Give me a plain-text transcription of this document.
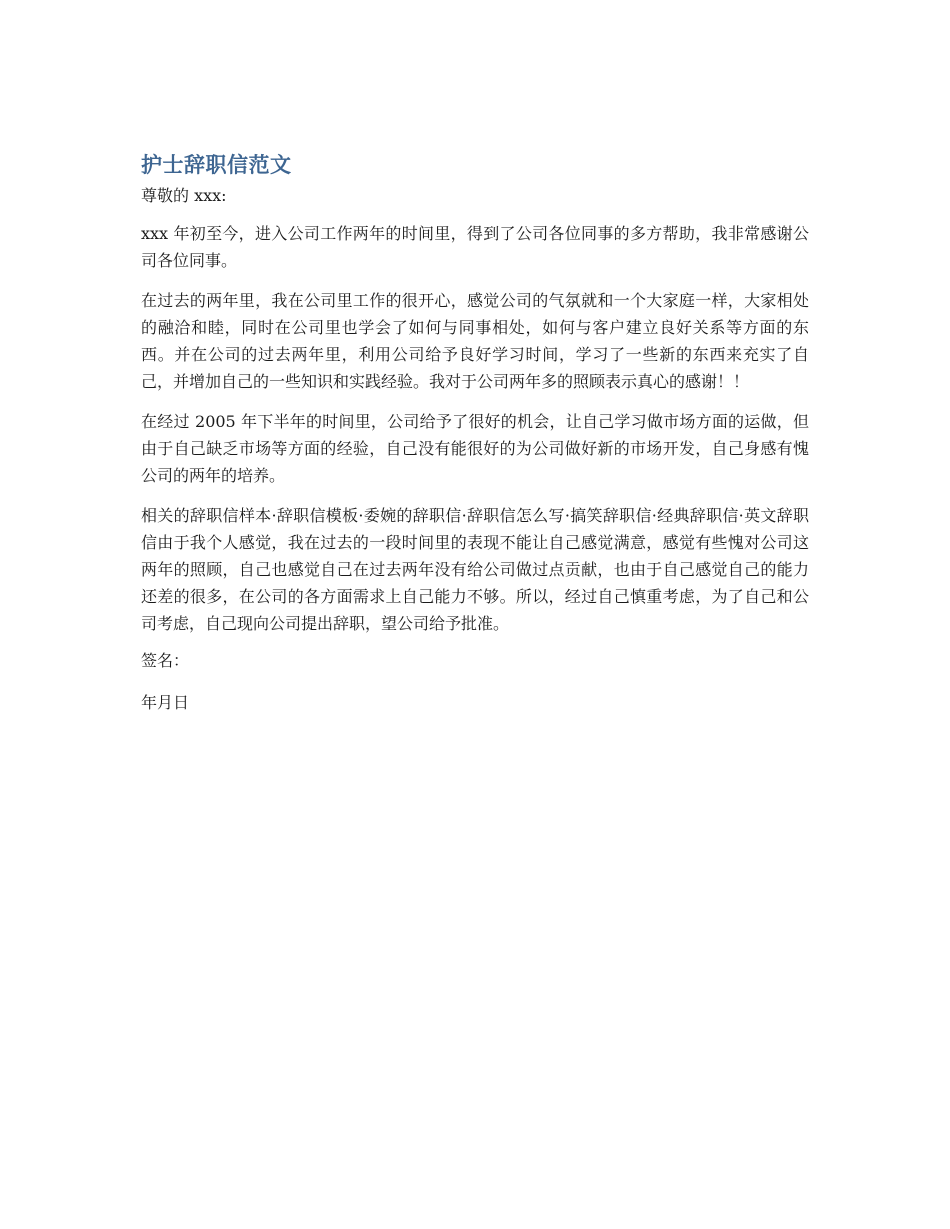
护士辞职信范文

尊敬的 xxx:

xxx 年初至今，进入公司工作两年的时间里，得到了公司各位同事的多方帮助，我非常感谢公司各位同事。

在过去的两年里，我在公司里工作的很开心，感觉公司的气氛就和一个大家庭一样，大家相处的融洽和睦，同时在公司里也学会了如何与同事相处，如何与客户建立良好关系等方面的东西。并在公司的过去两年里，利用公司给予良好学习时间，学习了一些新的东西来充实了自己，并增加自己的一些知识和实践经验。我对于公司两年多的照顾表示真心的感谢！！

在经过 2005 年下半年的时间里，公司给予了很好的机会，让自己学习做市场方面的运做，但由于自己缺乏市场等方面的经验，自己没有能很好的为公司做好新的市场开发，自己身感有愧公司的两年的培养。

相关的辞职信样本·辞职信模板·委婉的辞职信·辞职信怎么写·搞笑辞职信·经典辞职信·英文辞职信由于我个人感觉，我在过去的一段时间里的表现不能让自己感觉满意，感觉有些愧对公司这两年的照顾，自己也感觉自己在过去两年没有给公司做过点贡献，也由于自己感觉自己的能力还差的很多，在公司的各方面需求上自己能力不够。所以，经过自己慎重考虑，为了自己和公司考虑，自己现向公司提出辞职，望公司给予批准。

签名：

年月日
